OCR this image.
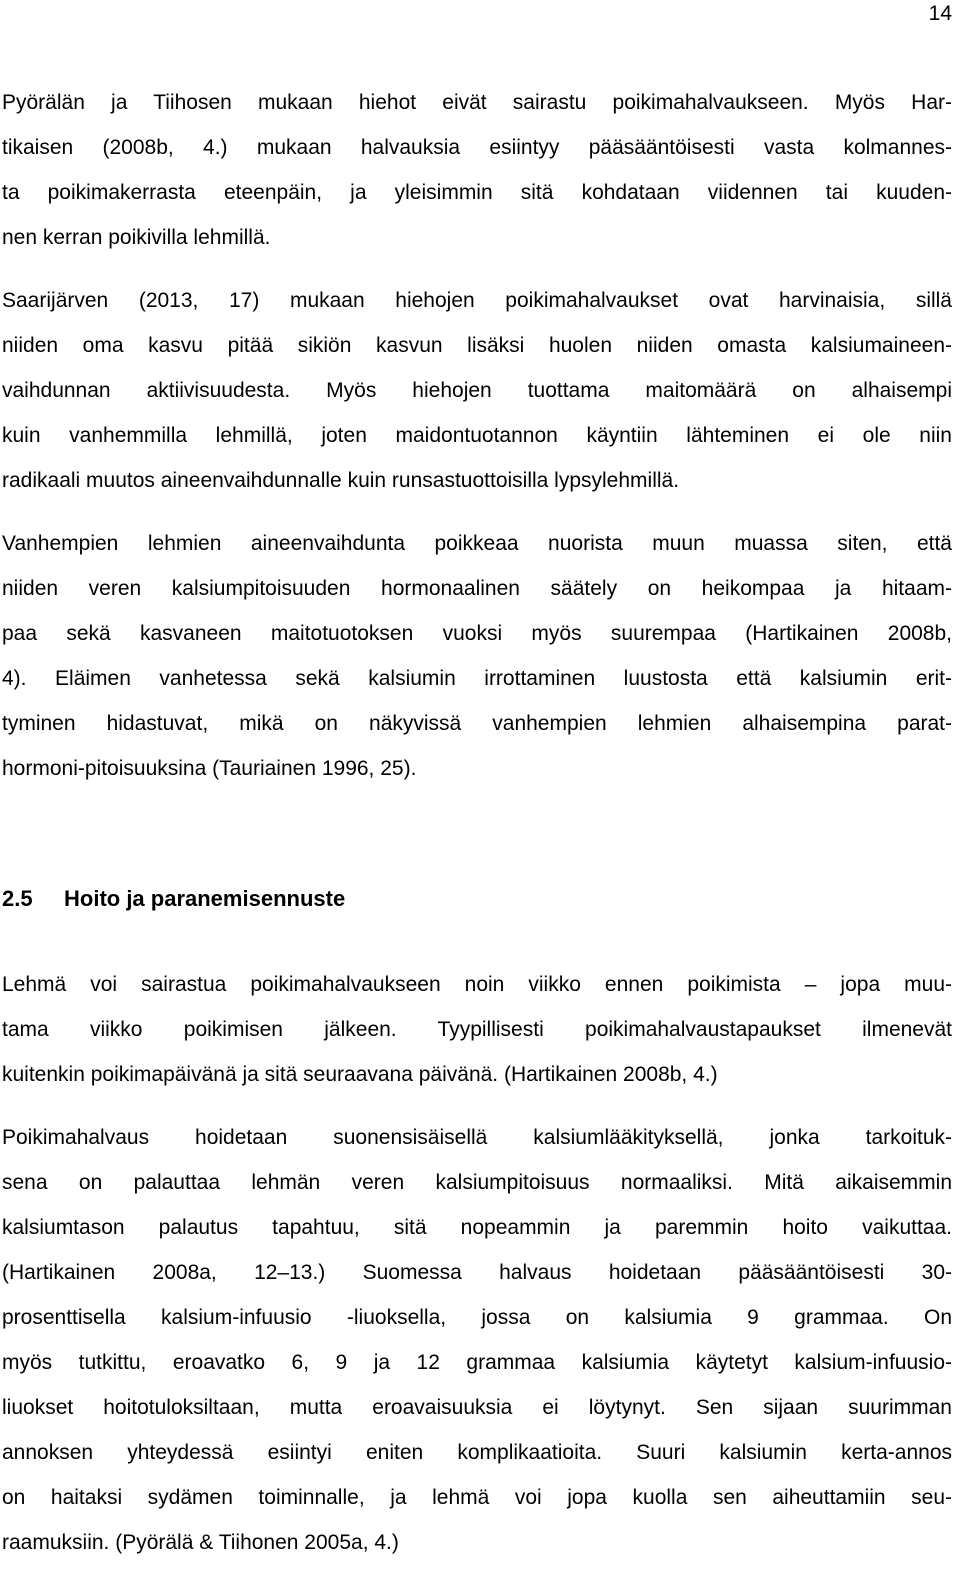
14
Pyörälän ja Tiihosen mukaan hiehot eivät sairastu poikimahalvaukseen. Myös Har-
tikaisen (2008b, 4.) mukaan halvauksia esiintyy pääsääntöisesti vasta kolmannes-
ta poikimakerrasta eteenpäin, ja yleisimmin sitä kohdataan viidennen tai kuuden-
nen kerran poikivilla lehmillä.
Saarijärven (2013, 17) mukaan hiehojen poikimahalvaukset ovat harvinaisia, sillä
niiden oma kasvu pitää sikiön kasvun lisäksi huolen niiden omasta kalsiumaineen-
vaihdunnan aktiivisuudesta. Myös hiehojen tuottama maitomäärä on alhaisempi
kuin vanhemmilla lehmillä, joten maidontuotannon käyntiin lähteminen ei ole niin
radikaali muutos aineenvaihdunnalle kuin runsastuottoisilla lypsylehmillä.
Vanhempien lehmien aineenvaihdunta poikkeaa nuorista muun muassa siten, että
niiden veren kalsiumpitoisuuden hormonaalinen säätely on heikompaa ja hitaam-
paa sekä kasvaneen maitotuotoksen vuoksi myös suurempaa (Hartikainen 2008b,
4). Eläimen vanhetessa sekä kalsiumin irrottaminen luustosta että kalsiumin erit-
tyminen hidastuvat, mikä on näkyvissä vanhempien lehmien alhaisempina parat-
hormoni-pitoisuuksina (Tauriainen 1996, 25).
2.5 Hoito ja paranemisennuste
Lehmä voi sairastua poikimahalvaukseen noin viikko ennen poikimista – jopa muu-
tama viikko poikimisen jälkeen. Tyypillisesti poikimahalvaustapaukset ilmenevät
kuitenkin poikimapäivänä ja sitä seuraavana päivänä. (Hartikainen 2008b, 4.)
Poikimahalvaus hoidetaan suonensisäisellä kalsiumlääkityksellä, jonka tarkoituk-
sena on palauttaa lehmän veren kalsiumpitoisuus normaaliksi. Mitä aikaisemmin
kalsiumtason palautus tapahtuu, sitä nopeammin ja paremmin hoito vaikuttaa.
(Hartikainen 2008a, 12–13.) Suomessa halvaus hoidetaan pääsääntöisesti 30-
prosenttisella kalsium-infuusio -liuoksella, jossa on kalsiumia 9 grammaa. On
myös tutkittu, eroavatko 6, 9 ja 12 grammaa kalsiumia käytetyt kalsium-infuusio-
liuokset hoitotuloksiltaan, mutta eroavaisuuksia ei löytynyt. Sen sijaan suurimman
annoksen yhteydessä esiintyi eniten komplikaatioita. Suuri kalsiumin kerta-annos
on haitaksi sydämen toiminnalle, ja lehmä voi jopa kuolla sen aiheuttamiin seu-
raamuksiin. (Pyörälä & Tiihonen 2005a, 4.)
